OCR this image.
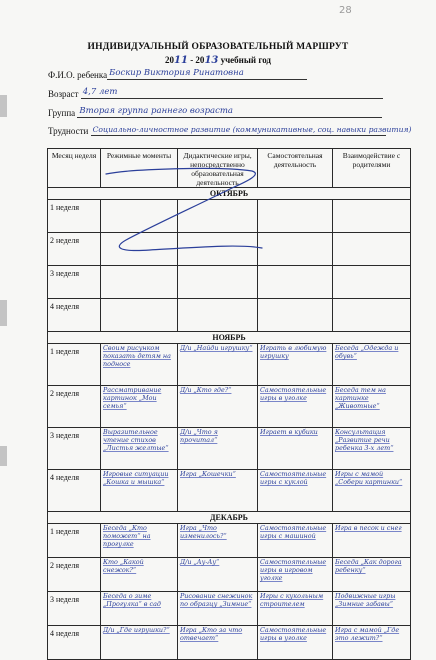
28
ИНДИВИДУАЛЬНЫЙ ОБРАЗОВАТЕЛЬНЫЙ МАРШРУТ
2011 - 2013 учебный год
Ф.И.О. ребенка Боскир Виктория Ринатовна
Возраст 4,7 лет
Группа Вторая группа раннего возраста
Трудности Социально-личностное развитие (коммуникативные, соц. навыки развития)
Месяц неделя	Режимные моменты	Дидактические игры, непосредственно образовательная деятельность	Самостоятельная деятельность	Взаимодействие с родителями
ОКТЯБРЬ				
1 неделя				
2 неделя				
3 неделя				
4 неделя				
НОЯБРЬ				
1 неделя	Своим рисунком показать детям на подносе	Д/и „Найди игрушку“	Играть в любимую игрушку	Беседа „Одежда и обувь“
2 неделя	Рассматривание картинок „Мои семья“	Д/и „Кто где?“	Самостоятельные игры в уголке	Беседа тем на картинке „Животные“
3 неделя	Выразительное чтение стихов „Листья желтые“	Д/и „Что я прочитал“	Играет в кубики	Консультация „Развитие речи ребенка 3-х лет“
4 неделя	Игровые ситуации „Кошка и мышка“	Игра „Кошечки“	Самостоятельные игры с куклой	Игры с мамой „Собери картинки“
ДЕКАБРЬ				
1 неделя	Беседа „Кто поможет“ на прогулке	Игра „Что изменилось?“	Самостоятельные игры с машиной	Игра в песок и снег
2 неделя	Кто „Какой снежок?“	Д/и „Ау-Ау“	Самостоятельные игры в игровом уголке	Беседа „Как дорога ребенку“
3 неделя	Беседа о зиме „Прогулка“ в сад	Рисование снежинок по образцу „Зимние“	Игры с кукольным строителем	Подвижные игры „Зимние забавы“
4 неделя	Д/и „Где игрушки?“	Игра „Кто за что отвечает“	Самостоятельные игры в уголке	Игра с мамой „Где это лежит?“
